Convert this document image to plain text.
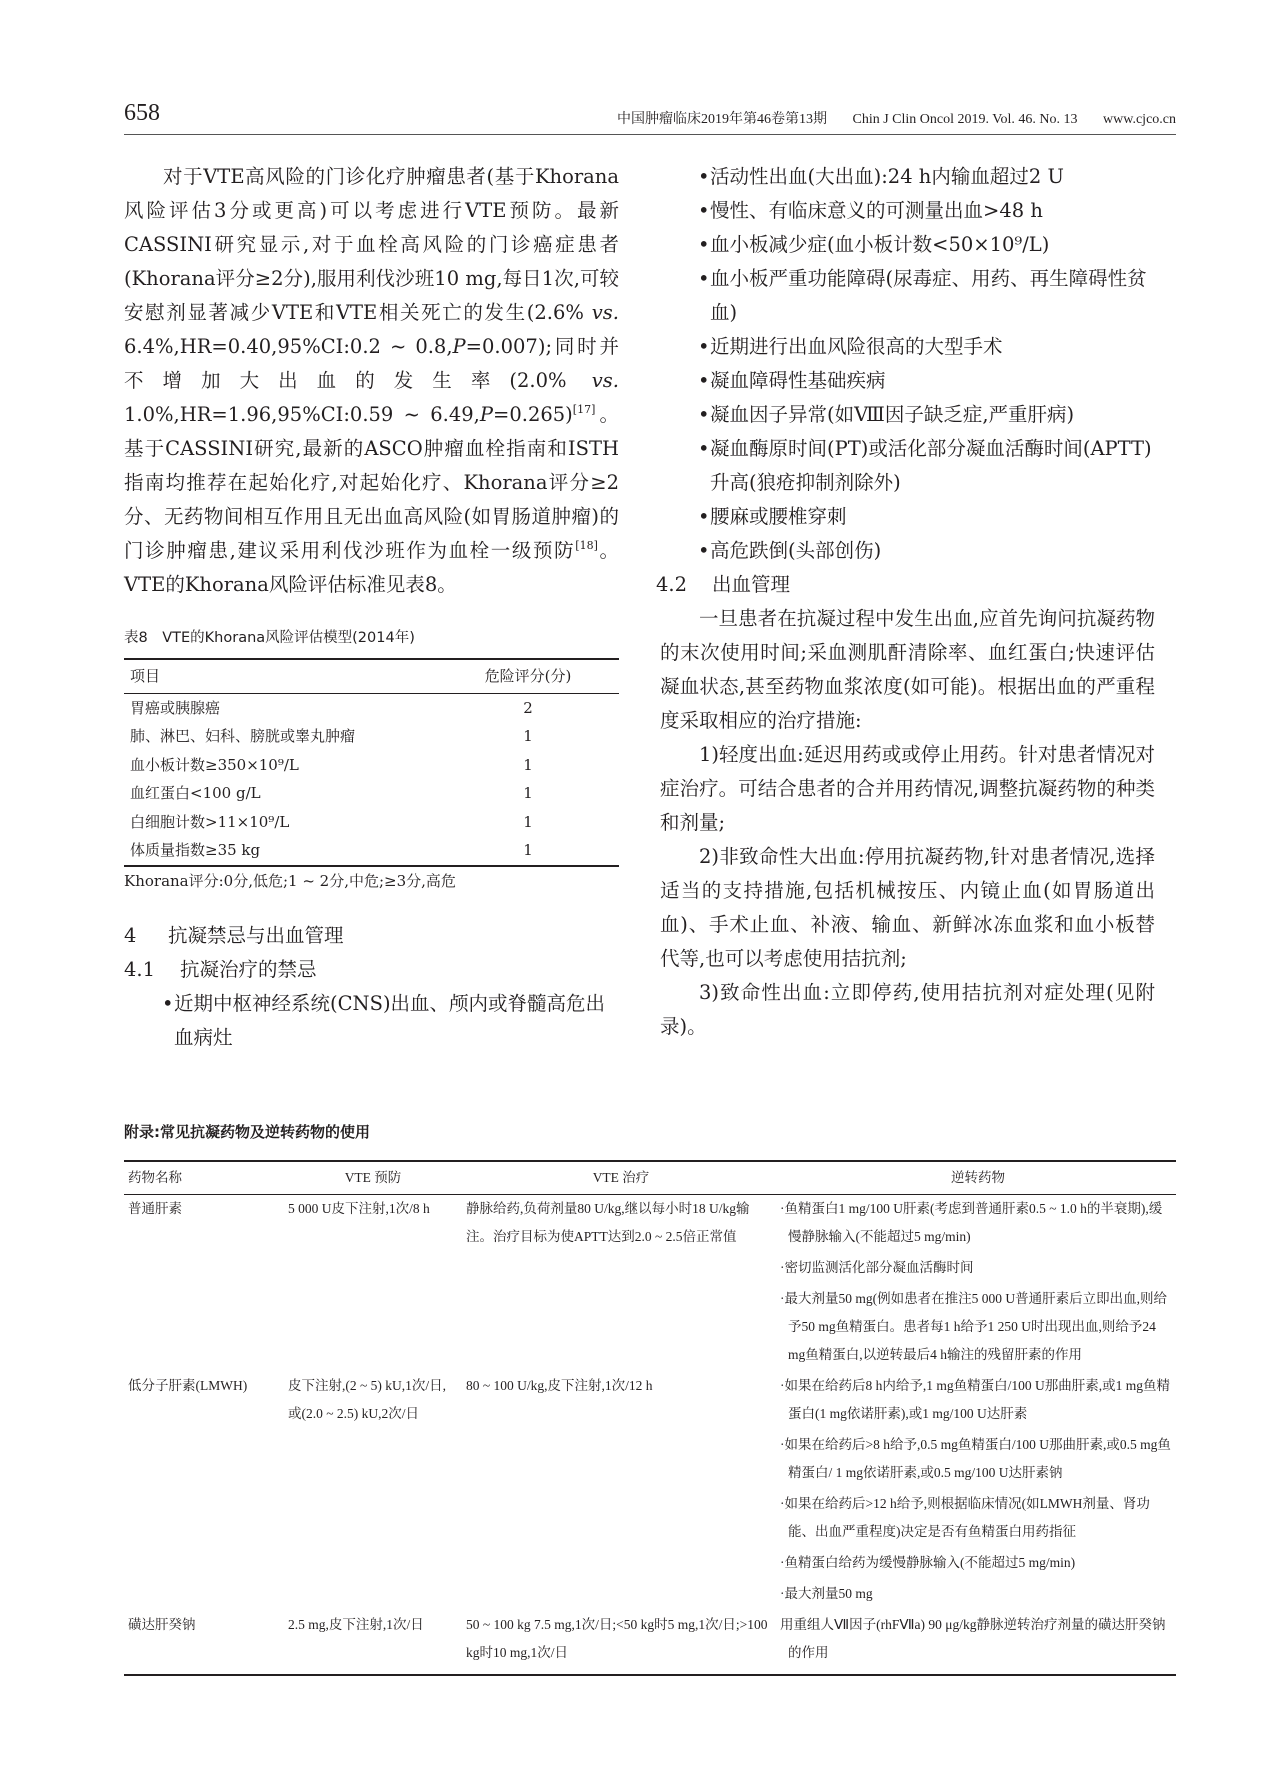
658	中国肿瘤临床2019年第46卷第13期 Chin J Clin Oncol 2019. Vol. 46. No. 13 www.cjco.cn

对于VTE高风险的门诊化疗肿瘤患者(基于Khorana风险评估3分或更高)可以考虑进行VTE预防。最新CASSINI研究显示,对于血栓高风险的门诊癌症患者(Khorana评分≥2分),服用利伐沙班10 mg,每日1次,可较安慰剂显著减少VTE和VTE相关死亡的发生(2.6% vs. 6.4%,HR=0.40,95%CI:0.2 ~ 0.8,P=0.007);同时并不增加大出血的发生率(2.0% vs. 1.0%,HR=1.96,95%CI:0.59 ~ 6.49,P=0.265)[17]。基于CASSINI研究,最新的ASCO肿瘤血栓指南和ISTH指南均推荐在起始化疗,对起始化疗、Khorana评分≥2分、无药物间相互作用且无出血高风险(如胃肠道肿瘤)的门诊肿瘤患,建议采用利伐沙班作为血栓一级预防[18]。VTE的Khorana风险评估标准见表8。

表8　VTE的Khorana风险评估模型(2014年)
项目	危险评分(分)
胃癌或胰腺癌	2
肺、淋巴、妇科、膀胱或睾丸肿瘤	1
血小板计数≥350×10⁹/L	1
血红蛋白<100 g/L	1
白细胞计数>11×10⁹/L	1
体质量指数≥35 kg	1
Khorana评分:0分,低危;1 ~ 2分,中危;≥3分,高危
4 抗凝禁忌与出血管理
4.1 抗凝治疗的禁忌
• 近期中枢神经系统(CNS)出血、颅内或脊髓高危出血病灶
• 活动性出血(大出血):24 h内输血超过2 U
• 慢性、有临床意义的可测量出血>48 h
• 血小板减少症(血小板计数<50×10⁹/L)
• 血小板严重功能障碍(尿毒症、用药、再生障碍性贫血)
• 近期进行出血风险很高的大型手术
• 凝血障碍性基础疾病
• 凝血因子异常(如Ⅷ因子缺乏症,严重肝病)
• 凝血酶原时间(PT)或活化部分凝血活酶时间(APTT)升高(狼疮抑制剂除外)
• 腰麻或腰椎穿刺
• 高危跌倒(头部创伤)
4.2 出血管理

一旦患者在抗凝过程中发生出血,应首先询问抗凝药物的末次使用时间;采血测肌酐清除率、血红蛋白;快速评估凝血状态,甚至药物血浆浓度(如可能)。根据出血的严重程度采取相应的治疗措施:

1)轻度出血:延迟用药或或停止用药。针对患者情况对症治疗。可结合患者的合并用药情况,调整抗凝药物的种类和剂量;

2)非致命性大出血:停用抗凝药物,针对患者情况,选择适当的支持措施,包括机械按压、内镜止血(如胃肠道出血)、手术止血、补液、输血、新鲜冰冻血浆和血小板替代等,也可以考虑使用拮抗剂;

3)致命性出血:立即停药,使用拮抗剂对症处理(见附录)。

附录:常见抗凝药物及逆转药物的使用
药物名称	VTE 预防	VTE 治疗	逆转药物
普通肝素	5 000 U皮下注射,1次/8 h	静脉给药,负荷剂量80 U/kg,继以每小时18 U/kg输注。治疗目标为使APTT达到2.0 ~ 2.5倍正常值	·鱼精蛋白1 mg/100 U肝素(考虑到普通肝素0.5 ~ 1.0 h的半衰期),缓慢静脉输入(不能超过5 mg/min)
·密切监测活化部分凝血活酶时间
·最大剂量50 mg(例如患者在推注5 000 U普通肝素后立即出血,则给予50 mg鱼精蛋白。患者每1 h给予1 250 U时出现出血,则给予24 mg鱼精蛋白,以逆转最后4 h输注的残留肝素的作用

低分子肝素(LMWH)	皮下注射,(2 ~ 5) kU,1次/日,或(2.0 ~ 2.5) kU,2次/日	80 ~ 100 U/kg,皮下注射,1次/12 h	·如果在给药后8 h内给予,1 mg鱼精蛋白/100 U那曲肝素,或1 mg鱼精蛋白(1 mg依诺肝素),或1 mg/100 U达肝素
·如果在给药后>8 h给予,0.5 mg鱼精蛋白/100 U那曲肝素,或0.5 mg鱼精蛋白/ 1 mg依诺肝素,或0.5 mg/100 U达肝素钠
·如果在给药后>12 h给予,则根据临床情况(如LMWH剂量、肾功能、出血严重程度)决定是否有鱼精蛋白用药指征
·鱼精蛋白给药为缓慢静脉输入(不能超过5 mg/min)
·最大剂量50 mg

磺达肝癸钠	2.5 mg,皮下注射,1次/日	50 ~ 100 kg 7.5 mg,1次/日;<50 kg时5 mg,1次/日;>100 kg时10 mg,1次/日	用重组人Ⅶ因子(rhFⅦa) 90 μg/kg静脉逆转治疗剂量的磺达肝癸钠的作用
